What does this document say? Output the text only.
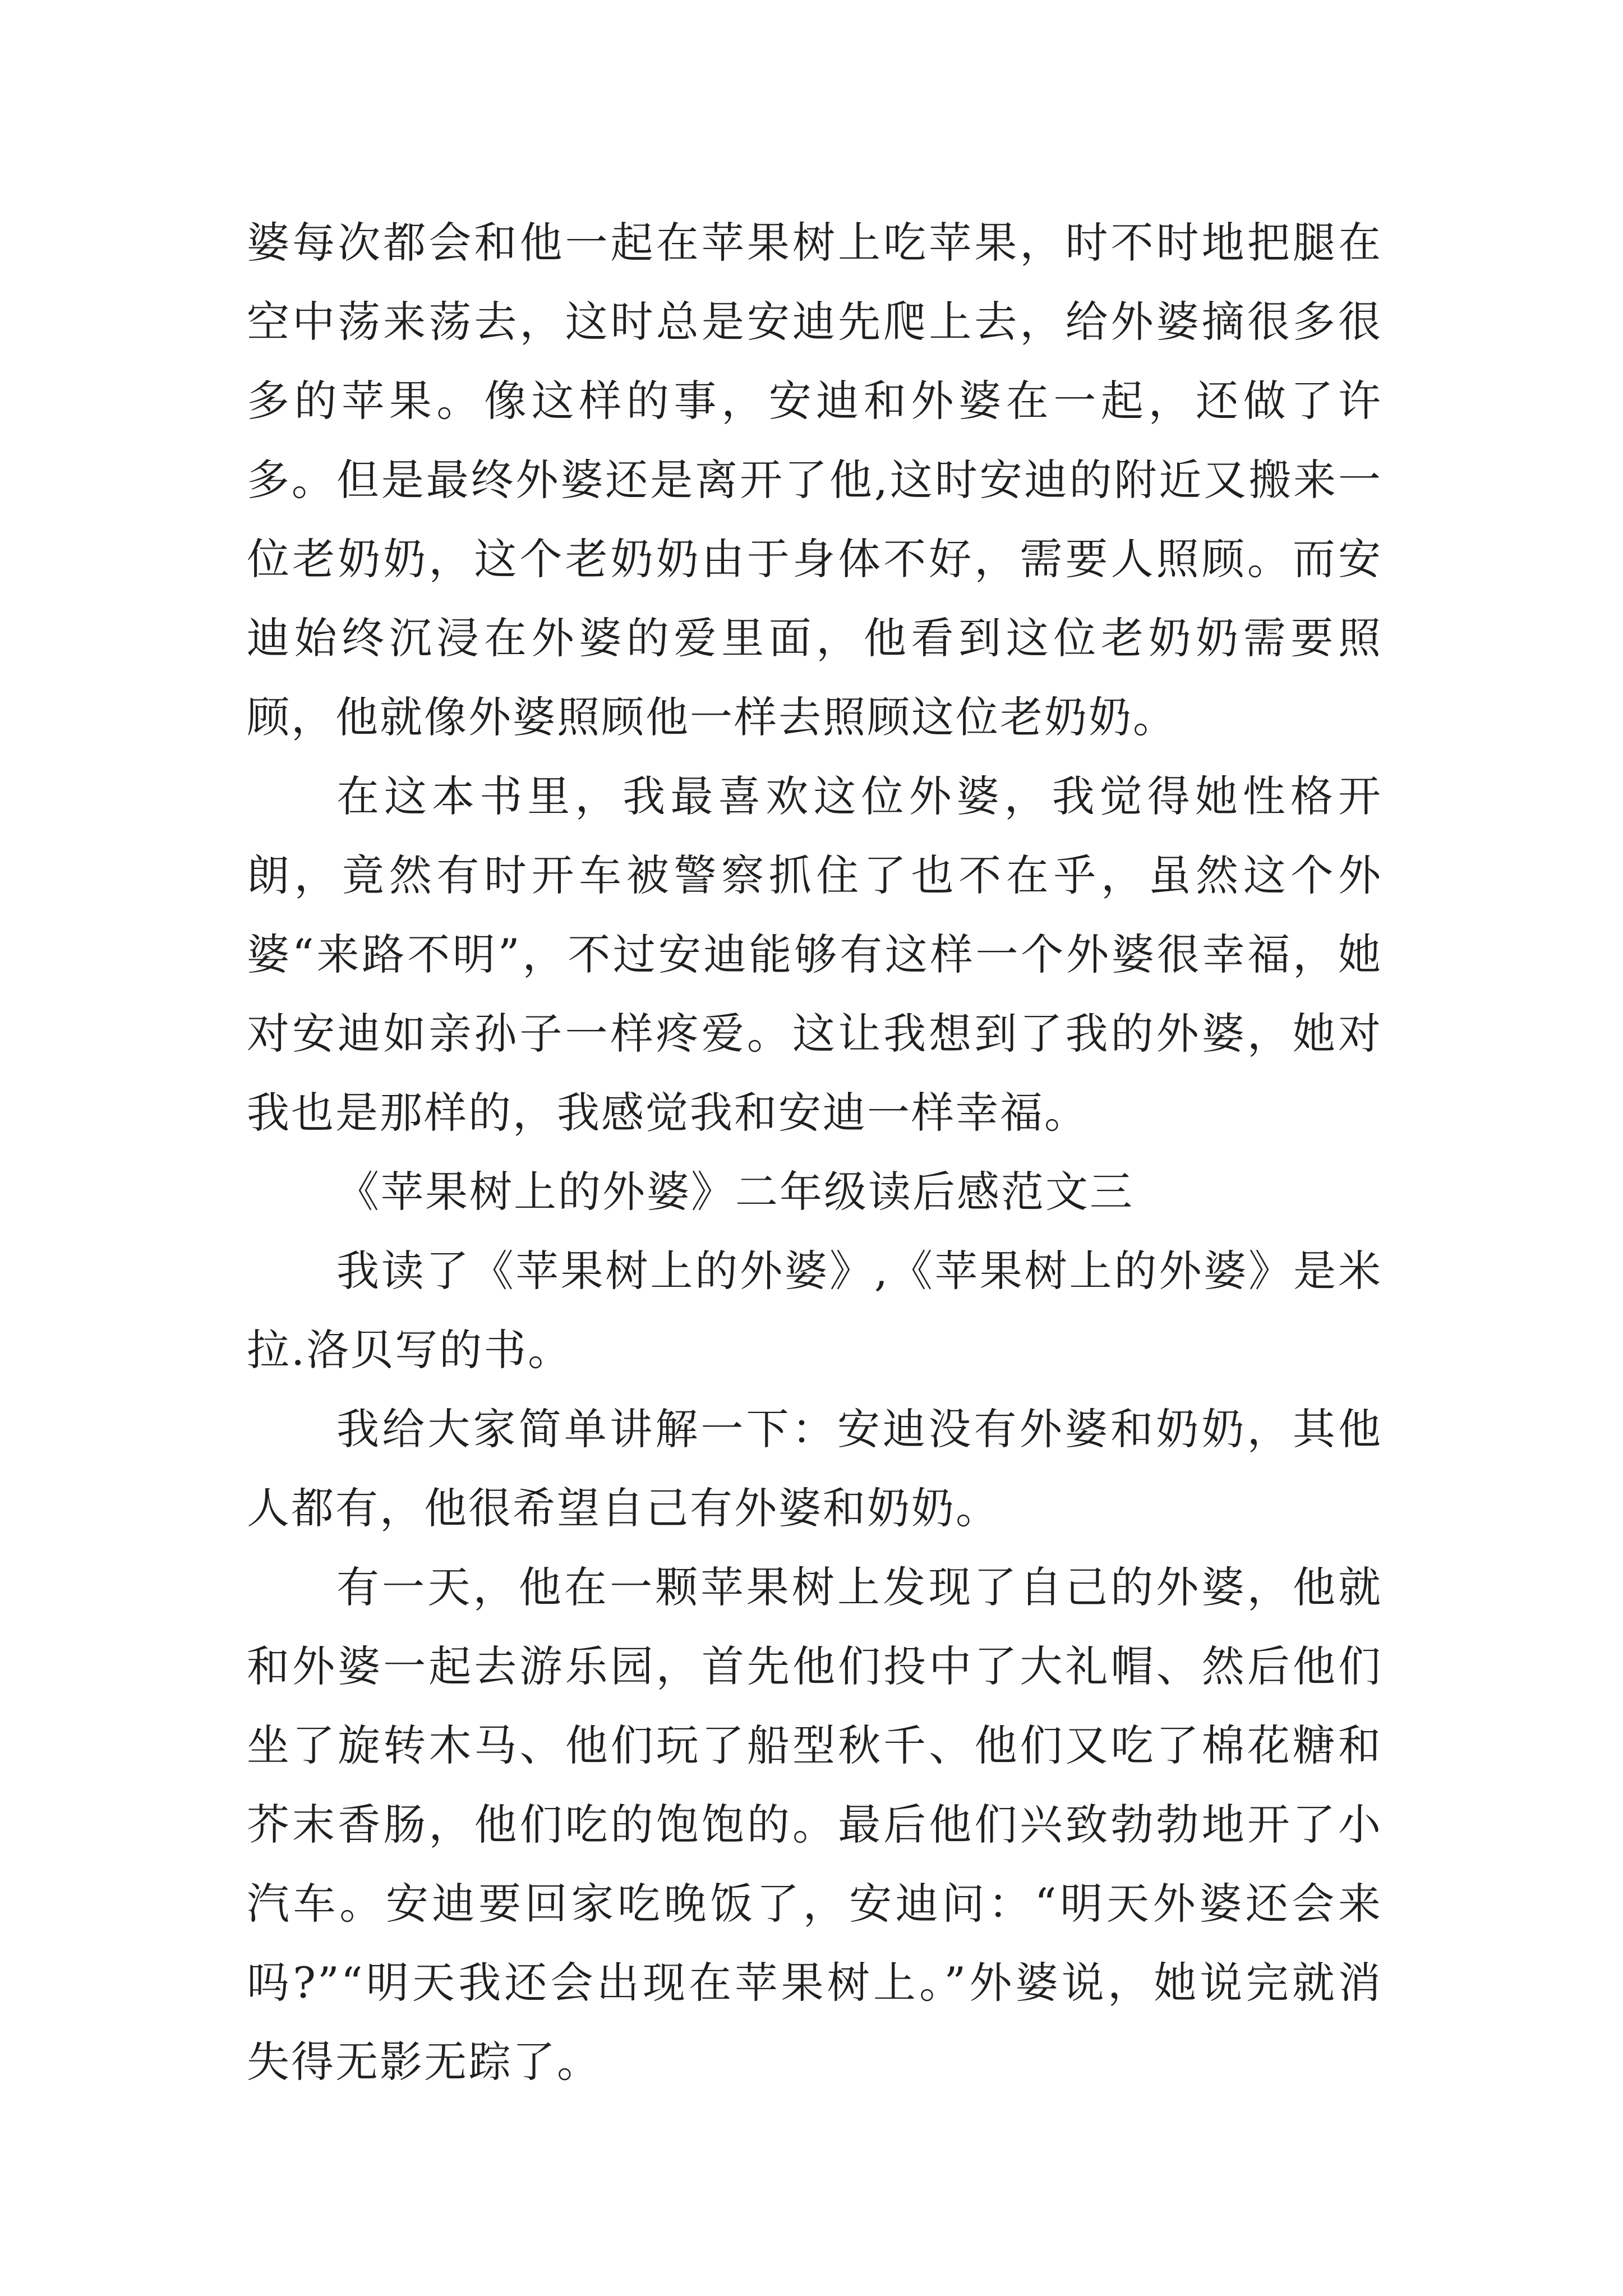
婆每次都会和他一起在苹果树上吃苹果，时不时地把腿在空中荡来荡去，这时总是安迪先爬上去，给外婆摘很多很多的苹果。像这样的事，安迪和外婆在一起，还做了许多。但是最终外婆还是离开了他,这时安迪的附近又搬来一位老奶奶，这个老奶奶由于身体不好，需要人照顾。而安迪始终沉浸在外婆的爱里面，他看到这位老奶奶需要照顾，他就像外婆照顾他一样去照顾这位老奶奶。

在这本书里，我最喜欢这位外婆，我觉得她性格开朗，竟然有时开车被警察抓住了也不在乎，虽然这个外婆“来路不明”，不过安迪能够有这样一个外婆很幸福，她对安迪如亲孙子一样疼爱。这让我想到了我的外婆，她对我也是那样的，我感觉我和安迪一样幸福。

《苹果树上的外婆》二年级读后感范文三

我读了《苹果树上的外婆》,《苹果树上的外婆》是米拉.洛贝写的书。

我给大家简单讲解一下：安迪没有外婆和奶奶，其他人都有，他很希望自己有外婆和奶奶。

有一天，他在一颗苹果树上发现了自己的外婆，他就和外婆一起去游乐园，首先他们投中了大礼帽、然后他们坐了旋转木马、他们玩了船型秋千、他们又吃了棉花糖和芥末香肠，他们吃的饱饱的。最后他们兴致勃勃地开了小汽车。安迪要回家吃晚饭了，安迪问：“明天外婆还会来吗?”“明天我还会出现在苹果树上。”外婆说，她说完就消失得无影无踪了。
